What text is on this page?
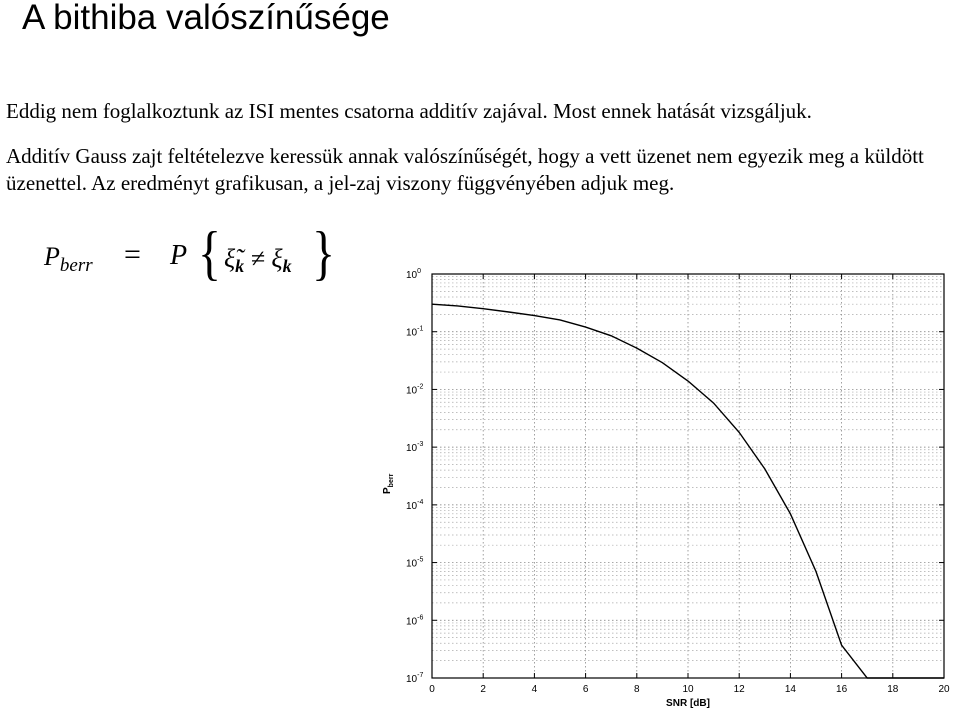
A bithiba valószínűsége

Eddig nem foglalkoztunk az ISI mentes csatorna additív zajával. Most ennek hatását vizsgáljuk.

Additív Gauss zajt feltételezve keressük annak valószínűségét, hogy a vett üzenet nem egyezik meg a küldött üzenettel. Az eredményt grafikusan, a jel-zaj viszony függvényében adjuk meg.

$P_{berr} = P$ { $\xĩ_k \ne \xi_k$ }
0	2	4	6	8	10	12	14	16	18	20
$10^0$
$10^{-1}$
$10^{-2}$
$10^{-3}$
$10^{-4}$
$10^{-5}$
$10^{-6}$
$10^{-7}$
SNR [dB]
$P_{berr}$
